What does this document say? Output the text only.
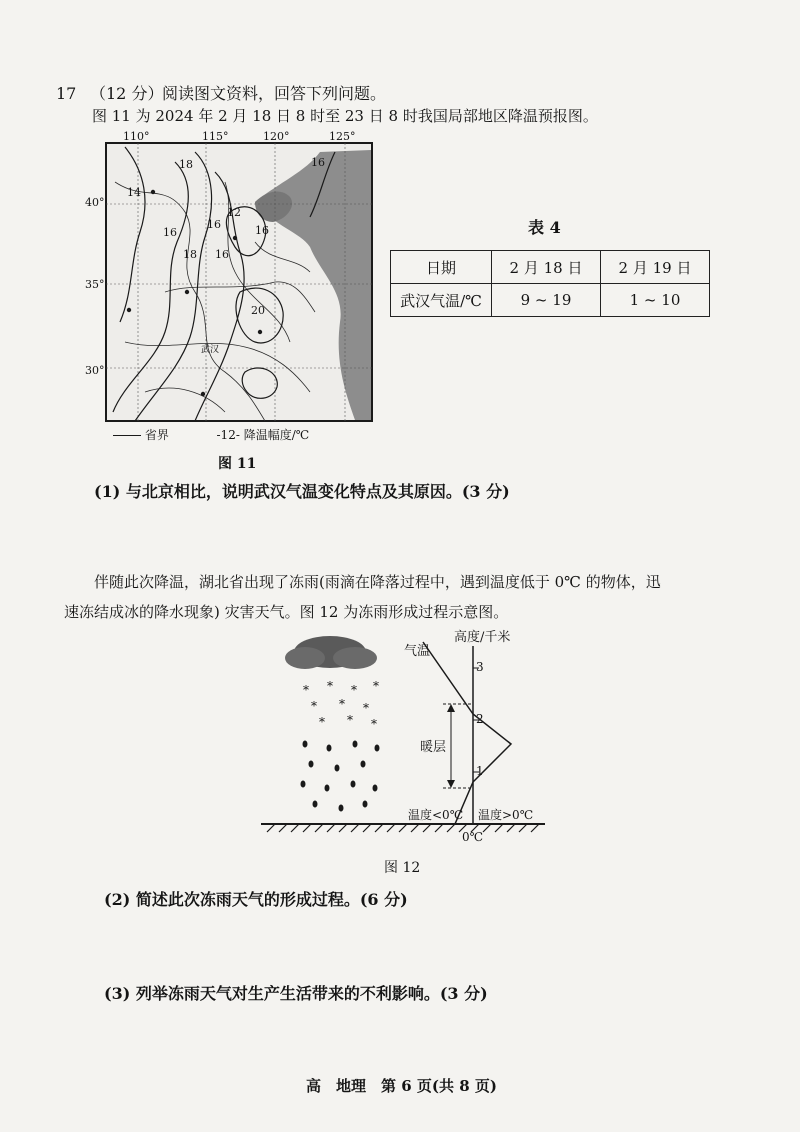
17 （12 分）
阅读图文资料，回答下列问题。
图 11 为 2024 年 2 月 18 日 8 时至 23 日 8 时我国局部地区降温预报图。
110°	115°	120°	125°
40°
35°
30°
18
14
16
12
16	16
16
18
20
16
武汉
省界	-12- 降温幅度/℃
图 11
表 4
日期	2 月 18 日	2 月 19 日
武汉气温/℃	9 ~ 19	1 ~ 10
(1) 与北京相比，说明武汉气温变化特点及其原因。(3 分)
伴随此次降温，湖北省出现了冻雨(雨滴在降落过程中，遇到温度低于 0℃ 的物体，迅
速冻结成冰的降水现象) 灾害天气。图 12 为冻雨形成过程示意图。
* * * *
* * *
* * *
高度/千米
气温
3
2
1
暖层
温度<0℃ 温度>0℃
0℃
图 12
(2) 简述此次冻雨天气的形成过程。(6 分)
(3) 列举冻雨天气对生产生活带来的不利影响。(3 分)
高　地理　第 6 页(共 8 页)
